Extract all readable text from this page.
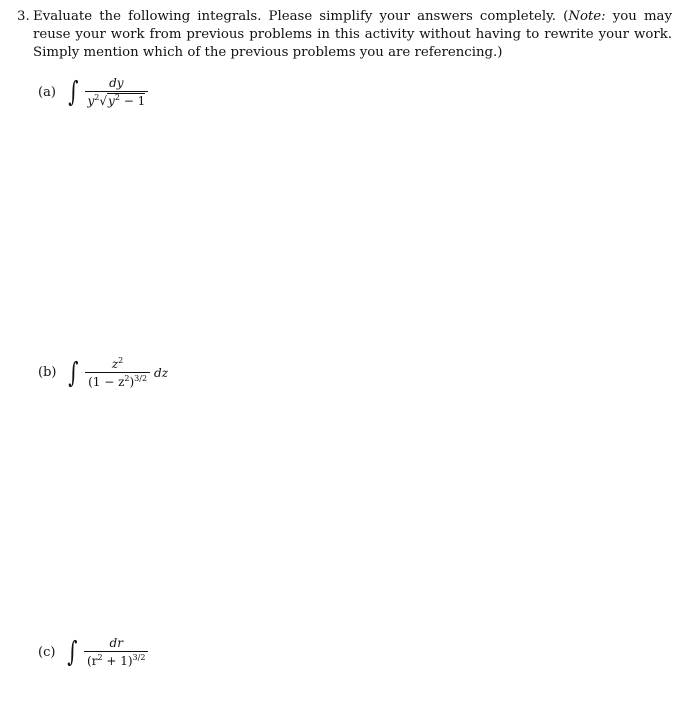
3. Evaluate the following integrals. Please simplify your answers completely. (Note: you may reuse your work from previous problems in this activity without having to rewrite your work. Simply mention which of the previous problems you are referencing.)
(a) ∫ $\frac{dy}{y^2√y^2 - 1}$
(b) ∫ $\frac{z^2}{(1 - z^2)^{3/2}}$ dz
(c) ∫ $\frac{dr}{(r^2 + 1)^{3/2}}$
